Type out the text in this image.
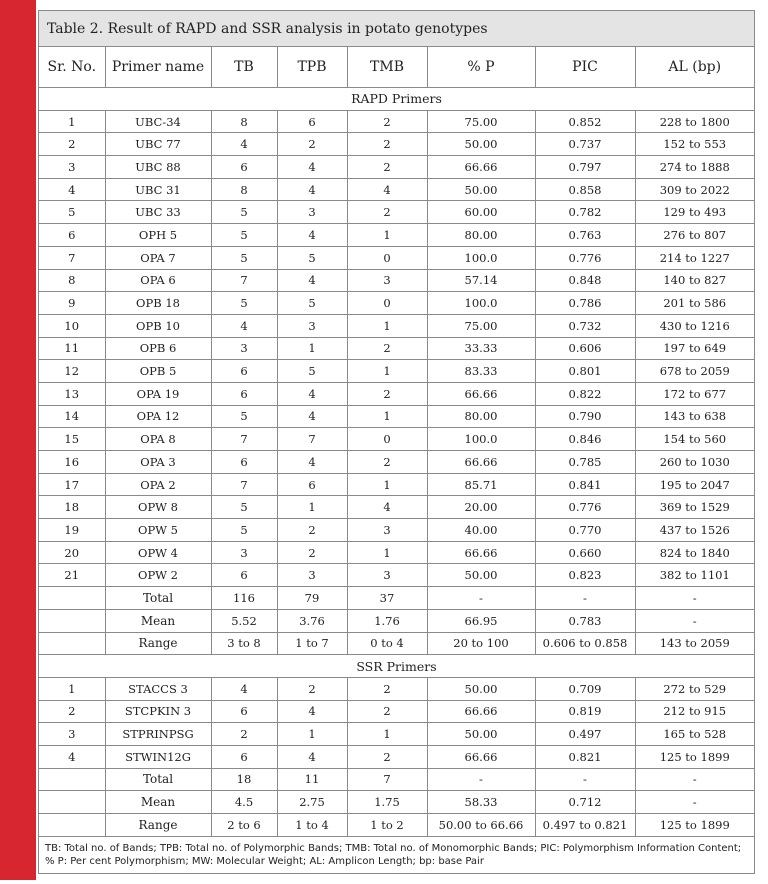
Table 2. Result of RAPD and SSR analysis in potato genotypes
Sr. No.	Primer name	TB	TPB	TMB	% P	PIC	AL (bp)
RAPD Primers							
1	UBC-34	8	6	2	75.00	0.852	228 to 1800
2	UBC 77	4	2	2	50.00	0.737	152 to 553
3	UBC 88	6	4	2	66.66	0.797	274 to 1888
4	UBC 31	8	4	4	50.00	0.858	309 to 2022
5	UBC 33	5	3	2	60.00	0.782	129 to 493
6	OPH 5	5	4	1	80.00	0.763	276 to 807
7	OPA 7	5	5	0	100.0	0.776	214 to 1227
8	OPA 6	7	4	3	57.14	0.848	140 to 827
9	OPB 18	5	5	0	100.0	0.786	201 to 586
10	OPB 10	4	3	1	75.00	0.732	430 to 1216
11	OPB 6	3	1	2	33.33	0.606	197 to 649
12	OPB 5	6	5	1	83.33	0.801	678 to 2059
13	OPA 19	6	4	2	66.66	0.822	172 to 677
14	OPA 12	5	4	1	80.00	0.790	143 to 638
15	OPA 8	7	7	0	100.0	0.846	154 to 560
16	OPA 3	6	4	2	66.66	0.785	260 to 1030
17	OPA 2	7	6	1	85.71	0.841	195 to 2047
18	OPW 8	5	1	4	20.00	0.776	369 to 1529
19	OPW 5	5	2	3	40.00	0.770	437 to 1526
20	OPW 4	3	2	1	66.66	0.660	824 to 1840
21	OPW 2	6	3	3	50.00	0.823	382 to 1101
	Total	116	79	37	-	-	-
	Mean	5.52	3.76	1.76	66.95	0.783	-
	Range	3 to 8	1 to 7	0 to 4	20 to 100	0.606 to 0.858	143 to 2059
SSR Primers							
1	STACCS 3	4	2	2	50.00	0.709	272 to 529
2	STCPKIN 3	6	4	2	66.66	0.819	212 to 915
3	STPRINPSG	2	1	1	50.00	0.497	165 to 528
4	STWIN12G	6	4	2	66.66	0.821	125 to 1899
	Total	18	11	7	-	-	-
	Mean	4.5	2.75	1.75	58.33	0.712	-
	Range	2 to 6	1 to 4	1 to 2	50.00 to 66.66	0.497 to 0.821	125 to 1899
TB: Total no. of Bands; TPB: Total no. of Polymorphic Bands; TMB: Total no. of Monomorphic Bands; PIC: Polymorphism Information Content; % P: Per cent Polymorphism; MW: Molecular Weight; AL: Amplicon Length; bp: base Pair
